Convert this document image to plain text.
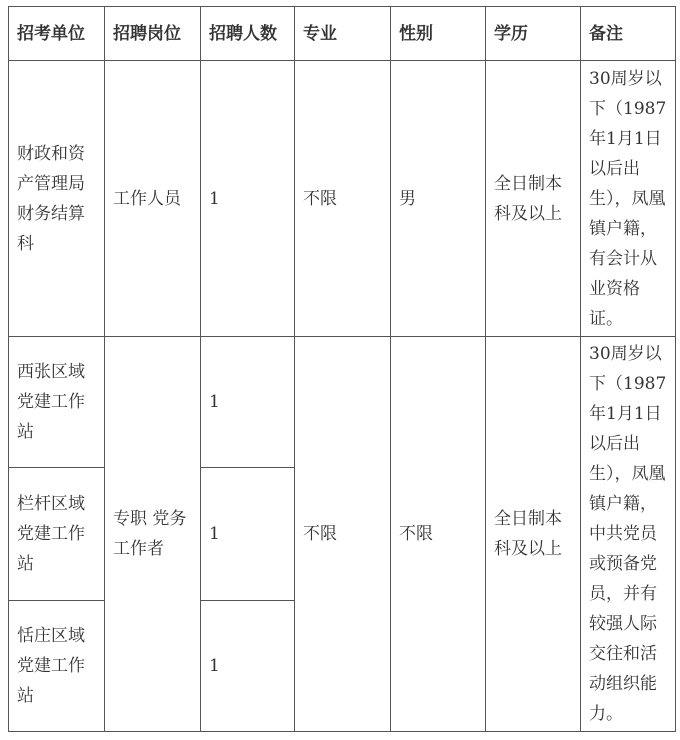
招考单位	招聘岗位	招聘人数	专业	性别	学历	备注
财政和资产管理局 财务结算科	工作人员	1	不限	男	全日制本科及以上	30周岁以下（1987年1月1日以后出生），凤凰镇户籍，有会计从业资格证。
西张区域党建工作站	专职 党务 工作者	1	不限	不限	全日制本科及以上	30周岁以下（1987年1月1日以后出生），凤凰镇户籍，中共党员或预备党员，并有较强人际交往和活动组织能力。
栏杆区域党建工作站		1				
恬庄区域党建工作站		1				
